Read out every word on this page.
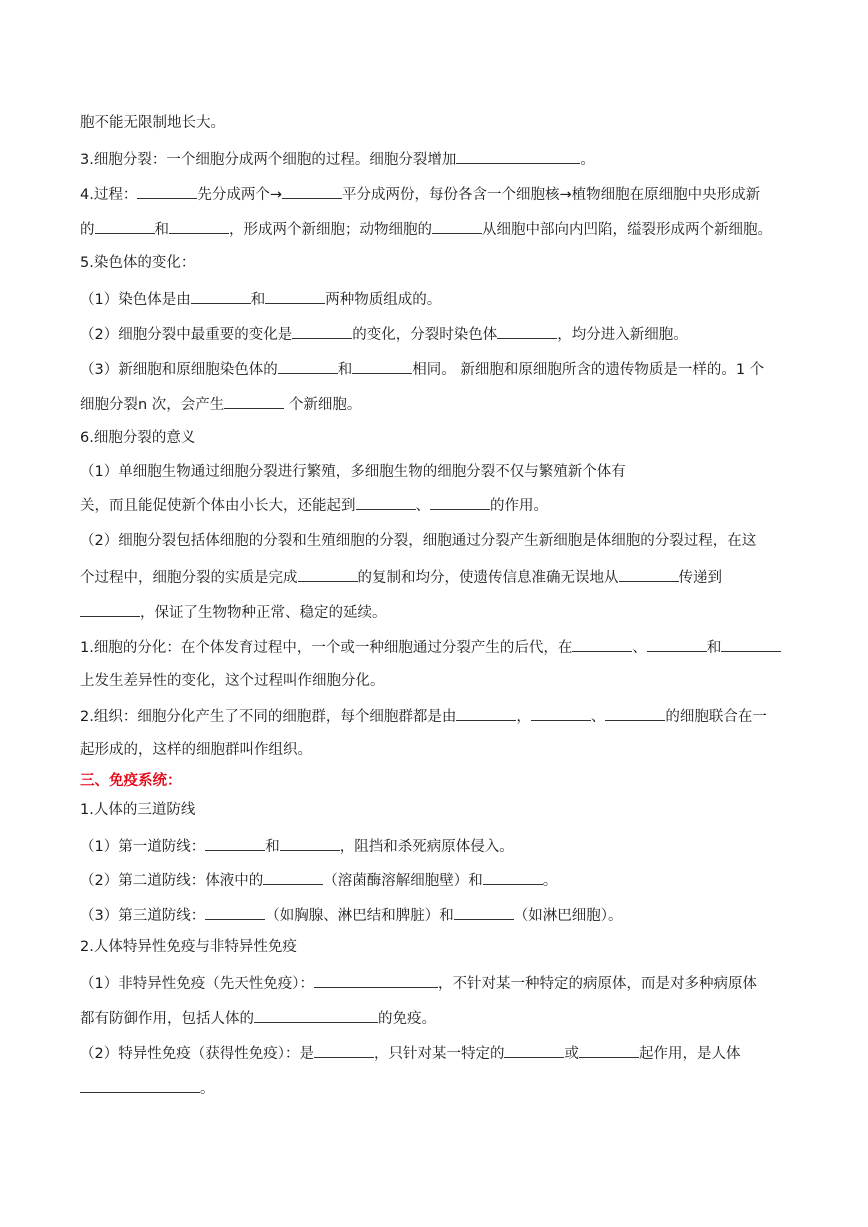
胞不能无限制地长大。
3.细胞分裂：一个细胞分成两个细胞的过程。细胞分裂增加	。
4.过程：	先分成两个→	平分成两份，每份各含一个细胞核→植物细胞在原细胞中央形成新
的	和	，形成两个新细胞；动物细胞的	从细胞中部向内凹陷，缢裂形成两个新细胞。
5.染色体的变化：
（1）染色体是由	和	两种物质组成的。
（2）细胞分裂中最重要的变化是	的变化，分裂时染色体	，均分进入新细胞。
（3）新细胞和原细胞染色体的	和	相同。 新细胞和原细胞所含的遗传物质是一样的。1 个
细胞分裂n 次，会产生	个新细胞。
6.细胞分裂的意义
（1）单细胞生物通过细胞分裂进行繁殖，多细胞生物的细胞分裂不仅与繁殖新个体有
关，而且能促使新个体由小长大，还能起到	、	的作用。
（2）细胞分裂包括体细胞的分裂和生殖细胞的分裂，细胞通过分裂产生新细胞是体细胞的分裂过程，在这
个过程中，细胞分裂的实质是完成	的复制和均分，使遗传信息准确无误地从	传递到
，保证了生物物种正常、稳定的延续。
1.细胞的分化：在个体发育过程中，一个或一种细胞通过分裂产生的后代，在	、	和
上发生差异性的变化，这个过程叫作细胞分化。
2.组织：细胞分化产生了不同的细胞群，每个细胞群都是由	，	、	的细胞联合在一
起形成的，这样的细胞群叫作组织。
三、免疫系统：
1.人体的三道防线
（1）第一道防线：	和	，阻挡和杀死病原体侵入。
（2）第二道防线：体液中的	（溶菌酶溶解细胞壁）和	。
（3）第三道防线：	（如胸腺、淋巴结和脾脏）和	（如淋巴细胞）。
2.人体特异性免疫与非特异性免疫
（1）非特异性免疫（先天性免疫）：	，不针对某一种特定的病原体，而是对多种病原体
都有防御作用，包括人体的	的免疫。
（2）特异性免疫（获得性免疫）：是	，只针对某一特定的	或	起作用，是人体
。
